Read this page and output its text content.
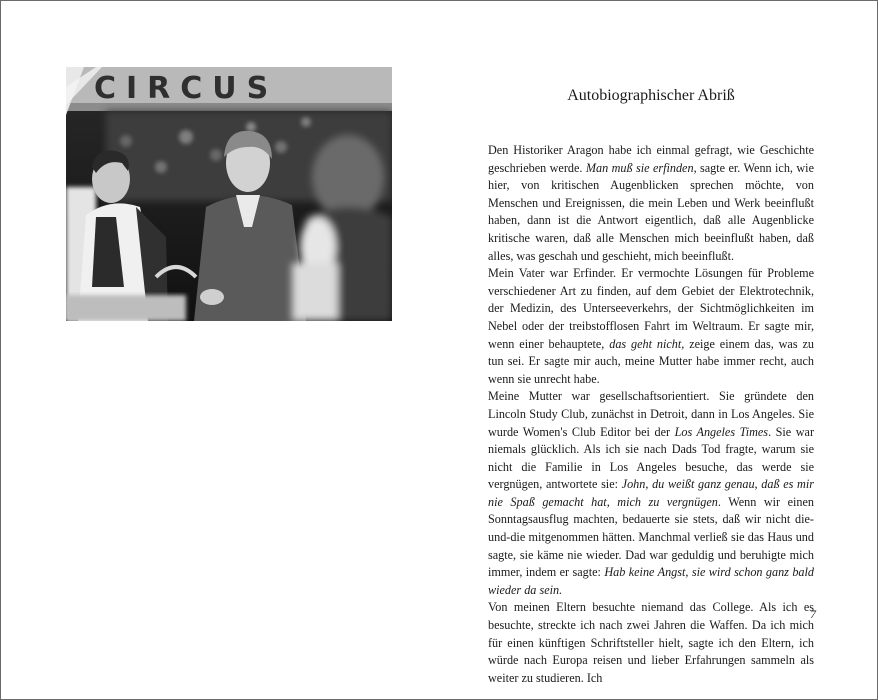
CIRCUS	Autobiographischer Abriß

Den Historiker Aragon habe ich einmal gefragt, wie Geschichte geschrieben werde. Man muß sie erfinden, sagte er. Wenn ich, wie hier, von kritischen Augenblicken sprechen möchte, von Menschen und Ereignissen, die mein Leben und Werk beeinflußt haben, dann ist die Antwort eigentlich, daß alle Augenblicke kritische waren, daß alle Menschen mich beeinflußt haben, daß alles, was geschah und geschieht, mich beeinflußt.

Mein Vater war Erfinder. Er vermochte Lösungen für Probleme verschiedener Art zu finden, auf dem Gebiet der Elektrotechnik, der Medizin, des Unterseeverkehrs, der Sichtmöglichkeiten im Nebel oder der treibstofflosen Fahrt im Weltraum. Er sagte mir, wenn einer behauptete, das geht nicht, zeige einem das, was zu tun sei. Er sagte mir auch, meine Mutter habe immer recht, auch wenn sie unrecht habe.

Meine Mutter war gesellschaftsorientiert. Sie gründete den Lincoln Study Club, zunächst in Detroit, dann in Los Angeles. Sie wurde Women's Club Editor bei der Los Angeles Times. Sie war niemals glücklich. Als ich sie nach Dads Tod fragte, warum sie nicht die Familie in Los Angeles besuche, das werde sie vergnügen, antwortete sie: John, du weißt ganz genau, daß es mir nie Spaß gemacht hat, mich zu vergnügen. Wenn wir einen Sonntagsausflug machten, bedauerte sie stets, daß wir nicht die-und-die mitgenommen hätten. Manchmal verließ sie das Haus und sagte, sie käme nie wieder. Dad war geduldig und beruhigte mich immer, indem er sagte: Hab keine Angst, sie wird schon ganz bald wieder da sein.

Von meinen Eltern besuchte niemand das College. Als ich es besuchte, streckte ich nach zwei Jahren die Waffen. Da ich mich für einen künftigen Schriftsteller hielt, sagte ich den Eltern, ich würde nach Europa reisen und lieber Erfahrungen sammeln als weiter zu studieren. Ich

7
